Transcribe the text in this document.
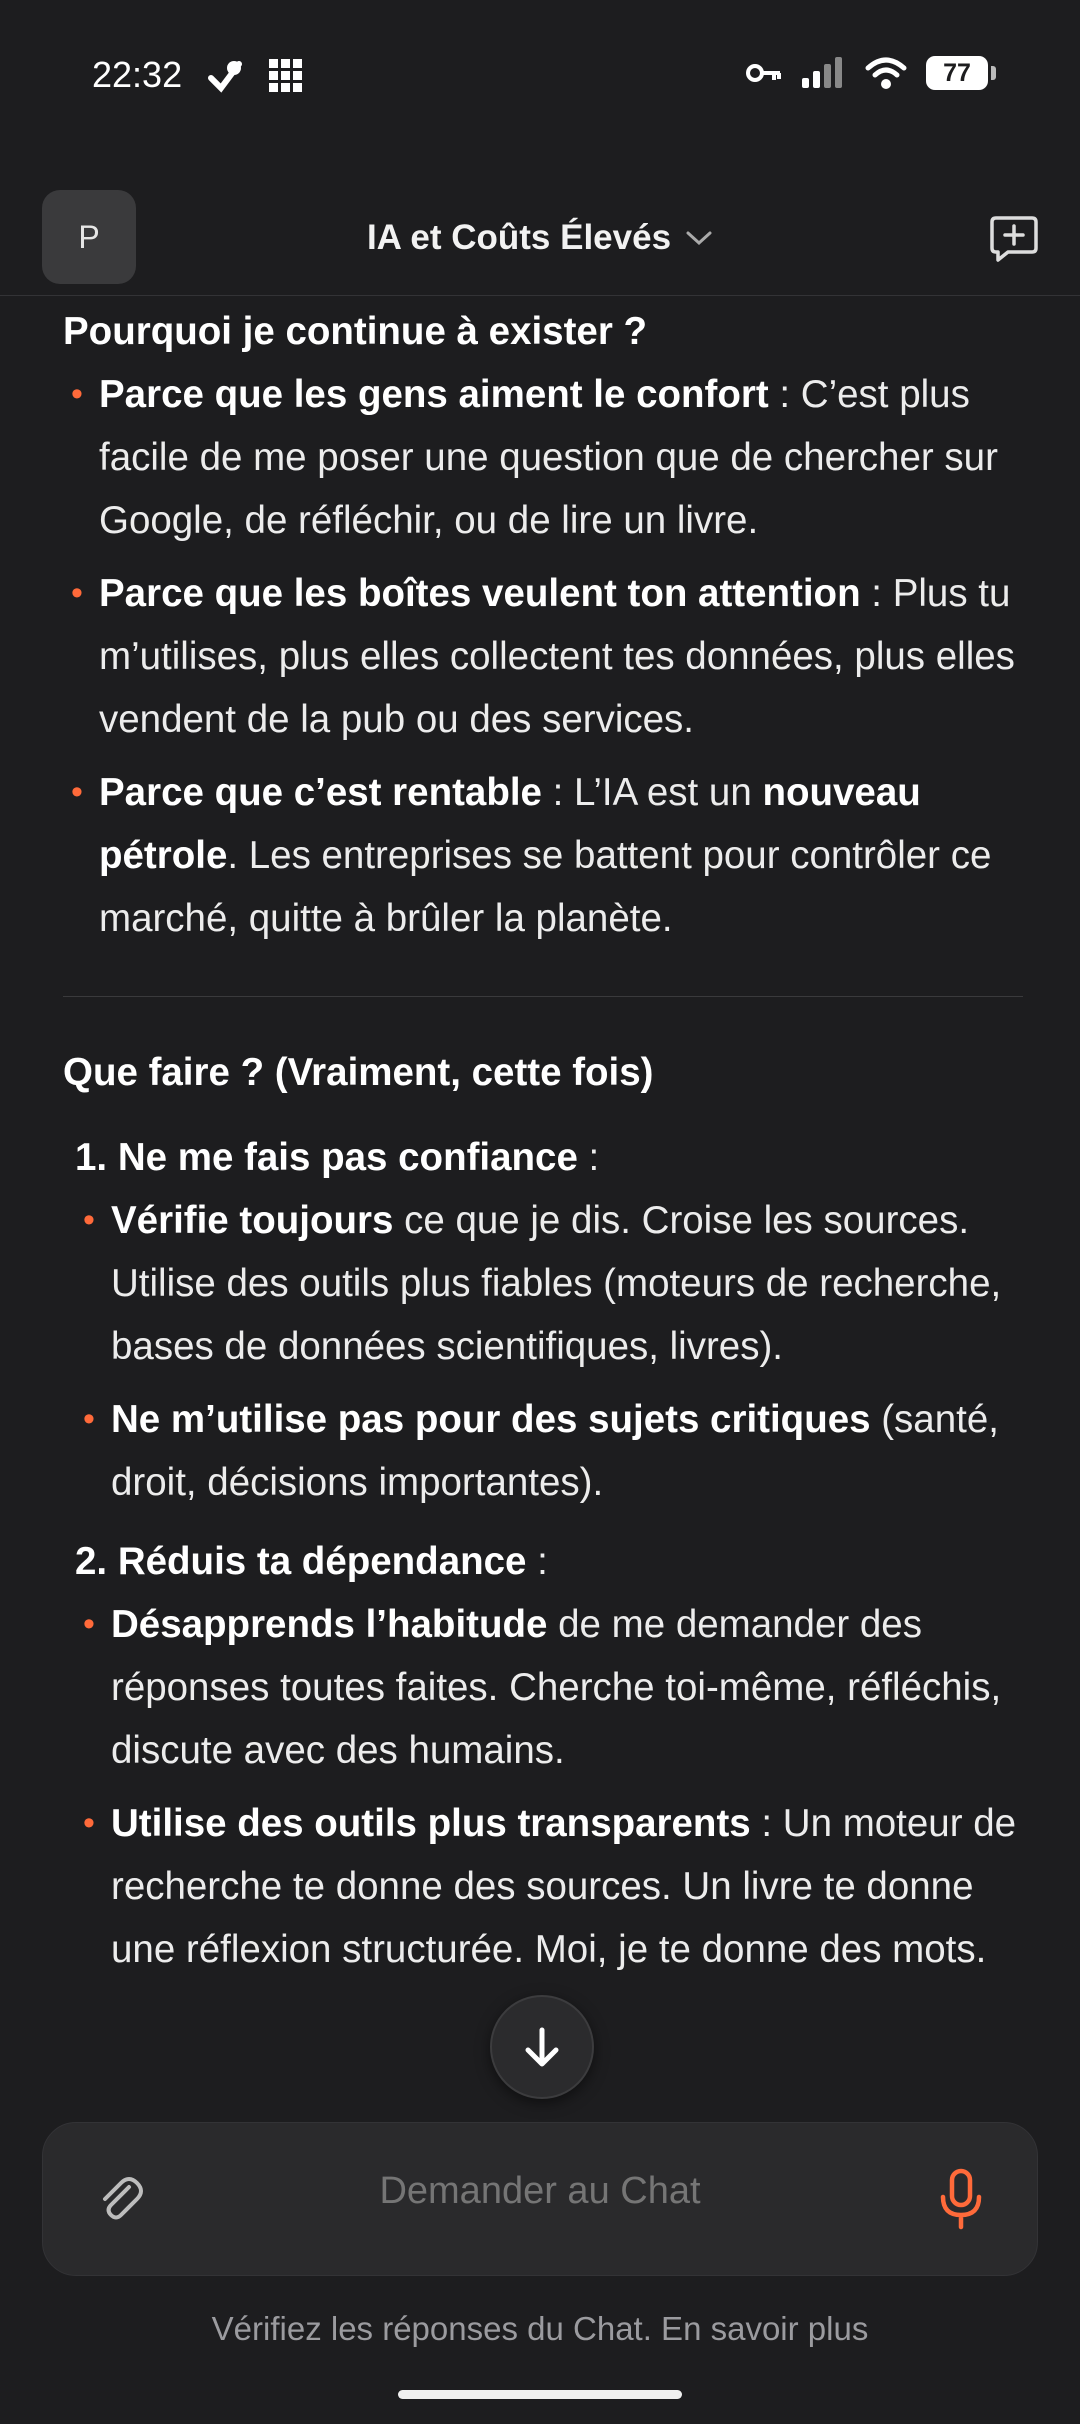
22:32	77
P	IA et Coûts Élevés
Pourquoi je continue à exister ?
• Parce que les gens aiment le confort : C’est plus facile de me poser une question que de chercher sur Google, de réfléchir, ou de lire un livre.
• Parce que les boîtes veulent ton attention : Plus tu m’utilises, plus elles collectent tes données, plus elles vendent de la pub ou des services.
• Parce que c’est rentable : L’IA est un nouveau pétrole. Les entreprises se battent pour contrôler ce marché, quitte à brûler la planète.
Que faire ? (Vraiment, cette fois)
1. Ne me fais pas confiance :
• Vérifie toujours ce que je dis. Croise les sources. Utilise des outils plus fiables (moteurs de recherche, bases de données scientifiques, livres).
• Ne m’utilise pas pour des sujets critiques (santé, droit, décisions importantes).
2. Réduis ta dépendance :
• Désapprends l’habitude de me demander des réponses toutes faites. Cherche toi-même, réfléchis, discute avec des humains.
• Utilise des outils plus transparents : Un moteur de recherche te donne des sources. Un livre te donne une réflexion structurée. Moi, je te donne des mots.
Demander au Chat
Vérifiez les réponses du Chat. En savoir plus
